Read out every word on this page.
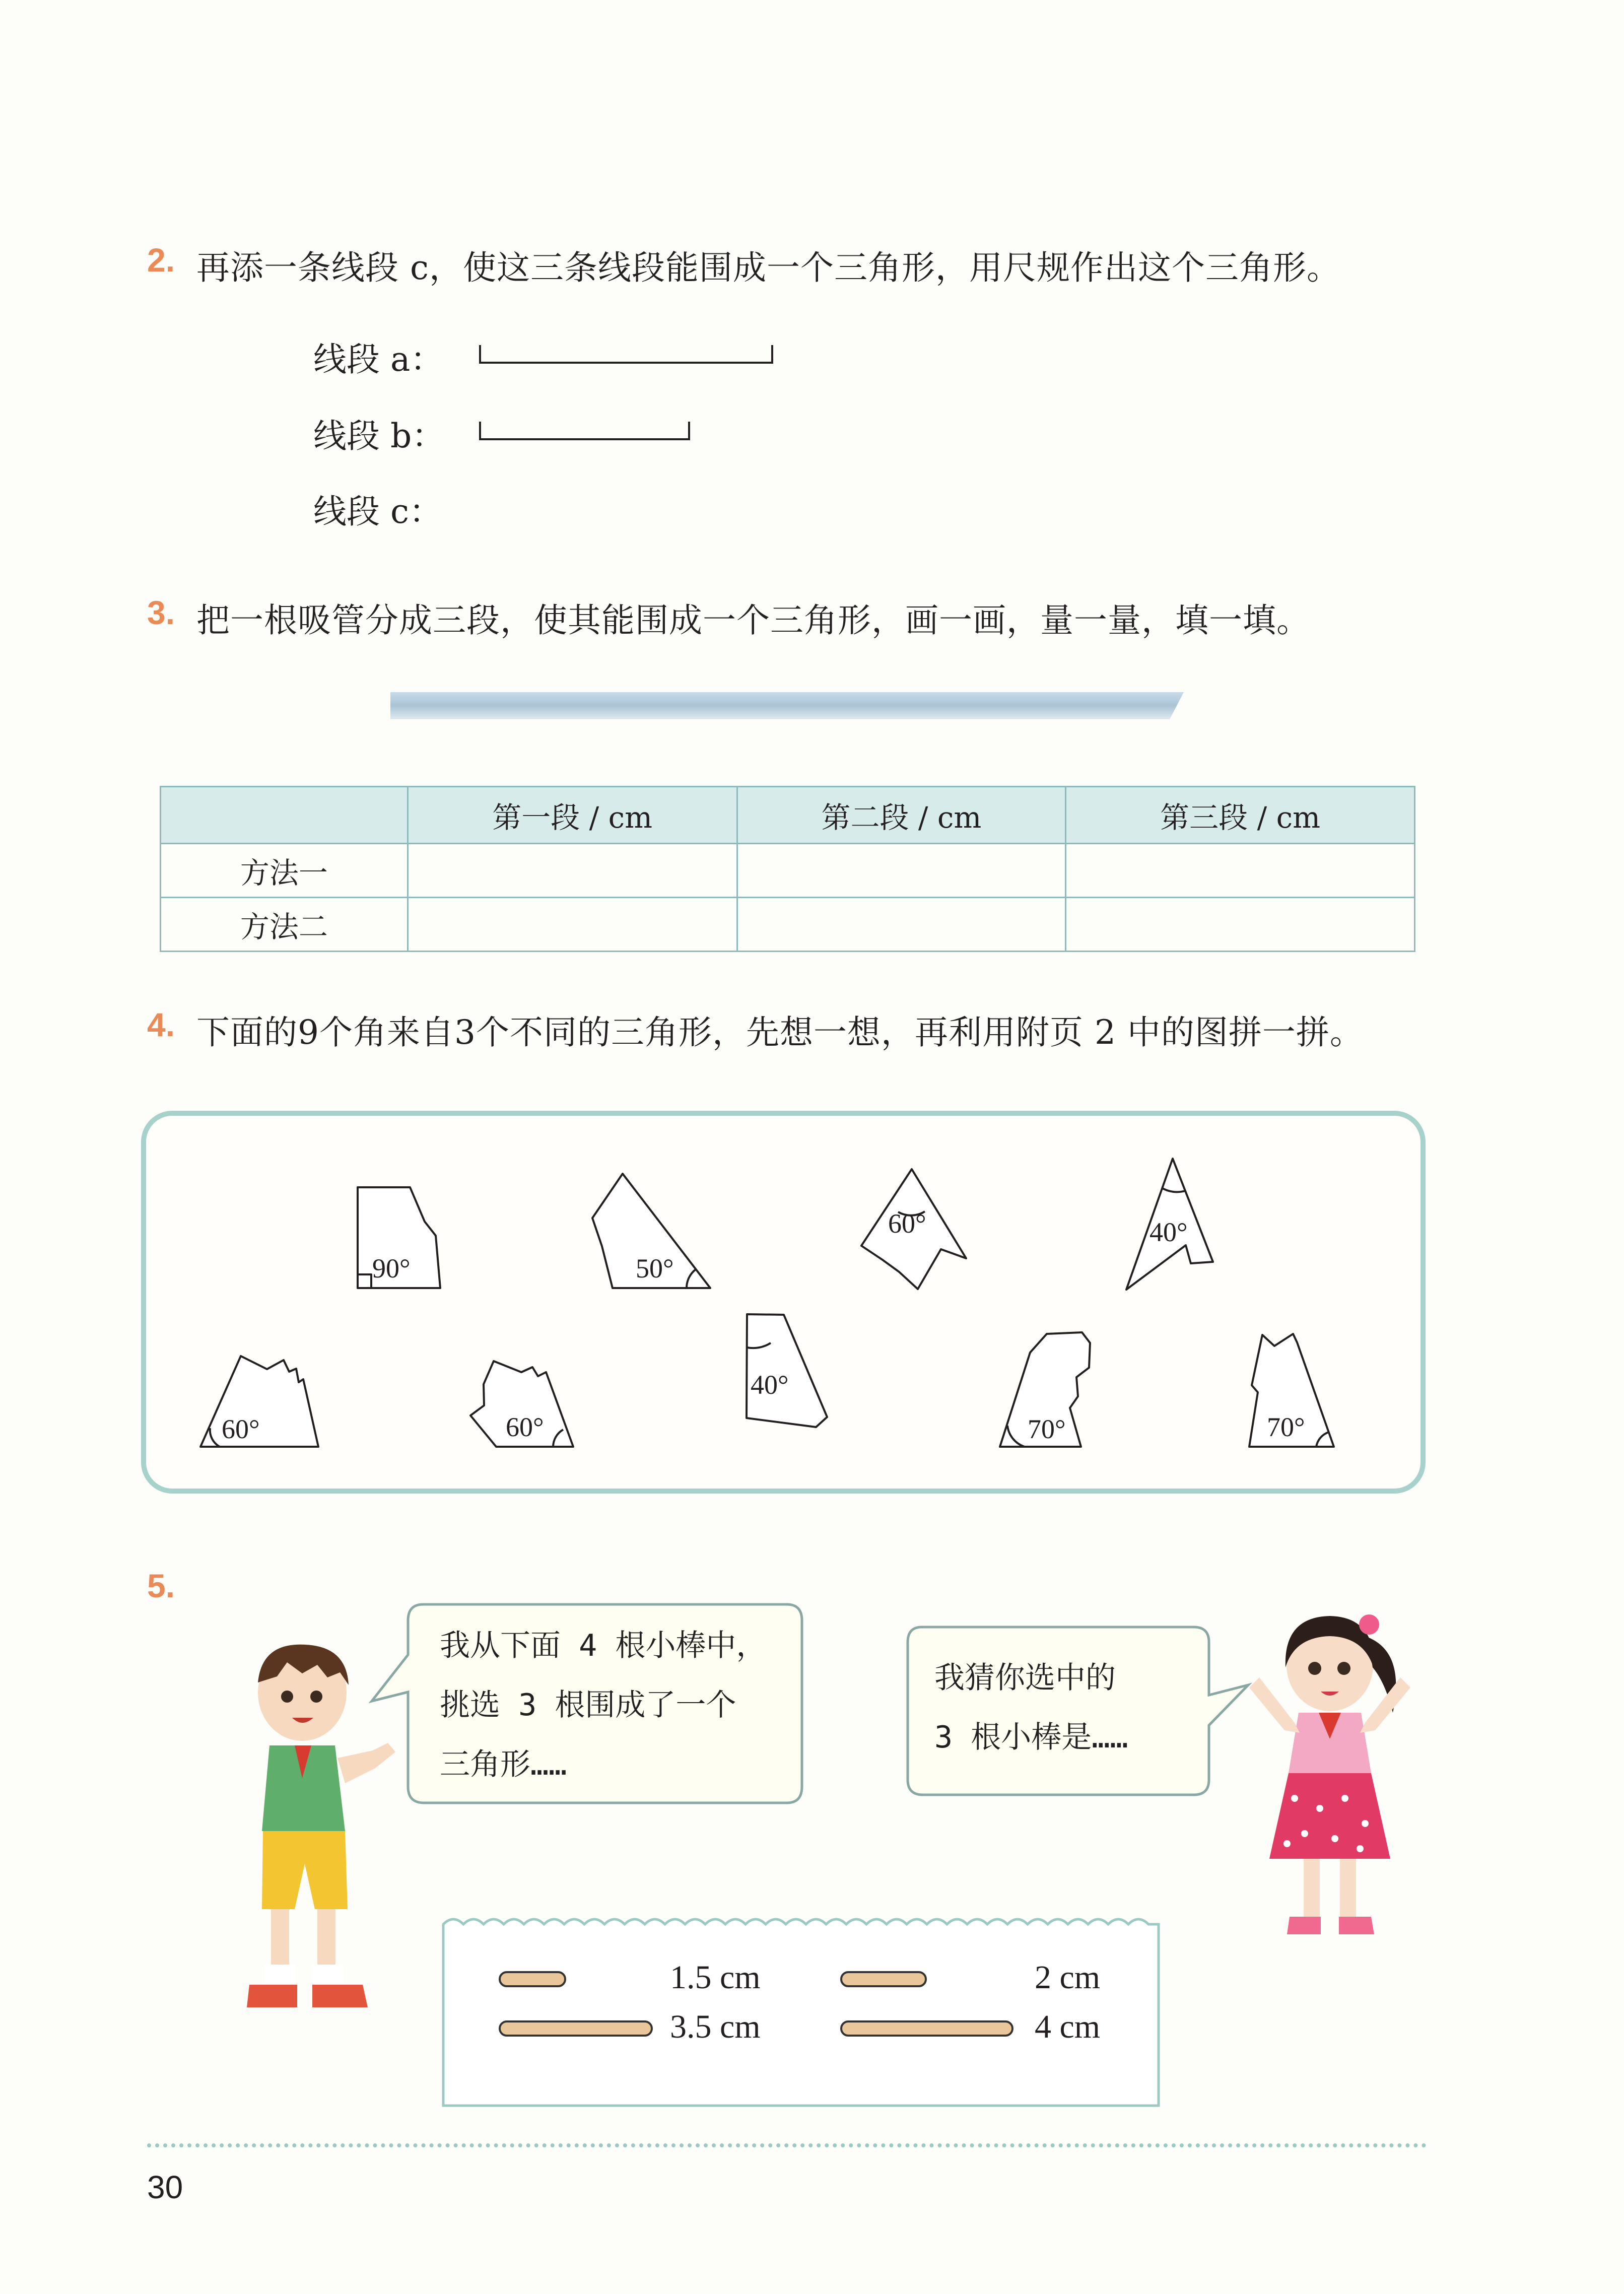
2. 再添一条线段 c，使这三条线段能围成一个三角形，用尺规作出这个三角形。
线段 a：
线段 b：
线段 c：
3. 把一根吸管分成三段，使其能围成一个三角形，画一画，量一量，填一填。
	第一段 / cm	第二段 / cm	第三段 / cm
方法一			
方法二			
4. 下面的9个角来自3个不同的三角形，先想一想，再利用附页 2 中的图拼一拼。
90°	50°
60°	40°
60°	60°
40°
70°	70°
5.
我从下面 4 根小棒中，
挑选 3 根围成了一个
三角形……
我猜你选中的
3 根小棒是……
1.5 cm	2 cm
3.5 cm	4 cm
30
